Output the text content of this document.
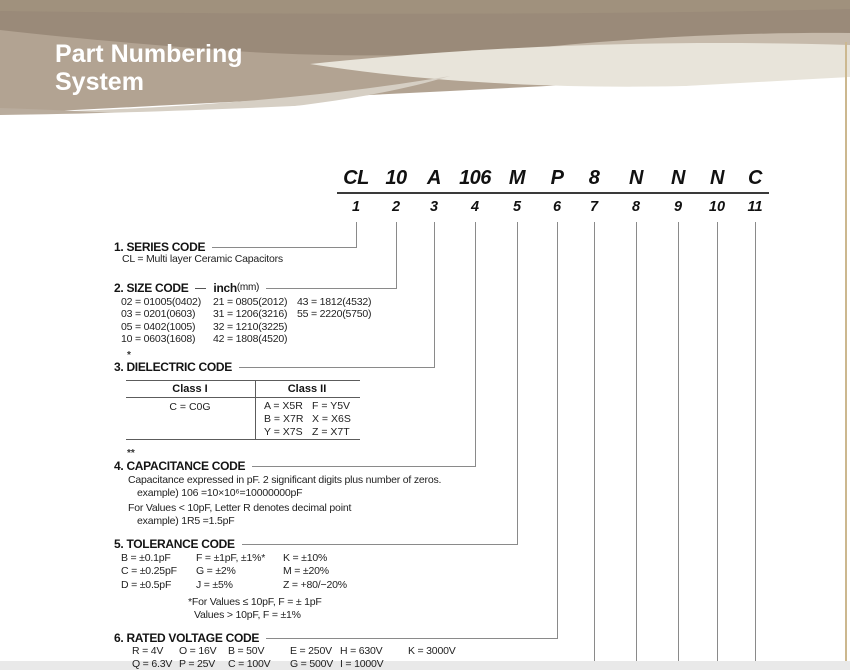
Part Numbering
System
CL 10 A 106 M P 8 N N N C
1 2 3 4 5 6 7 8 9 10 11
1. SERIES CODE
CL = Multi layer Ceramic Capacitors
2. SIZE CODE inch (mm)
02 = 01005(0402)
03 = 0201(0603)
05 = 0402(1005)
10 = 0603(1608)
21 = 0805(2012)
31 = 1206(3216)
32 = 1210(3225)
42 = 1808(4520)
43 = 1812(4532)
55 = 2220(5750)
*
3. DIELECTRIC CODE
Class I	Class II
C = C0G	A = X5R
B = X7R
Y = X7S
F = Y5V
X = X6S
Z = X7T
**
4. CAPACITANCE CODE
Capacitance expressed in pF. 2 significant digits plus number of zeros.
example) 106 =10×10⁶=10000000pF
For Values < 10pF, Letter R denotes decimal point
example) 1R5 =1.5pF
5. TOLERANCE CODE
B = ±0.1pF
C = ±0.25pF
D = ±0.5pF
F = ±1pF, ±1%*
G = ±2%
J = ±5%
K = ±10%
M = ±20%
Z = +80/−20%
*For Values ≤ 10pF, F = ± 1pF
Values > 10pF, F = ±1%
6. RATED VOLTAGE CODE
R = 4V O = 16V B = 50V E = 250V H = 630V K = 3000V
Q = 6.3V P = 25V C = 100V G = 500V I = 1000V
